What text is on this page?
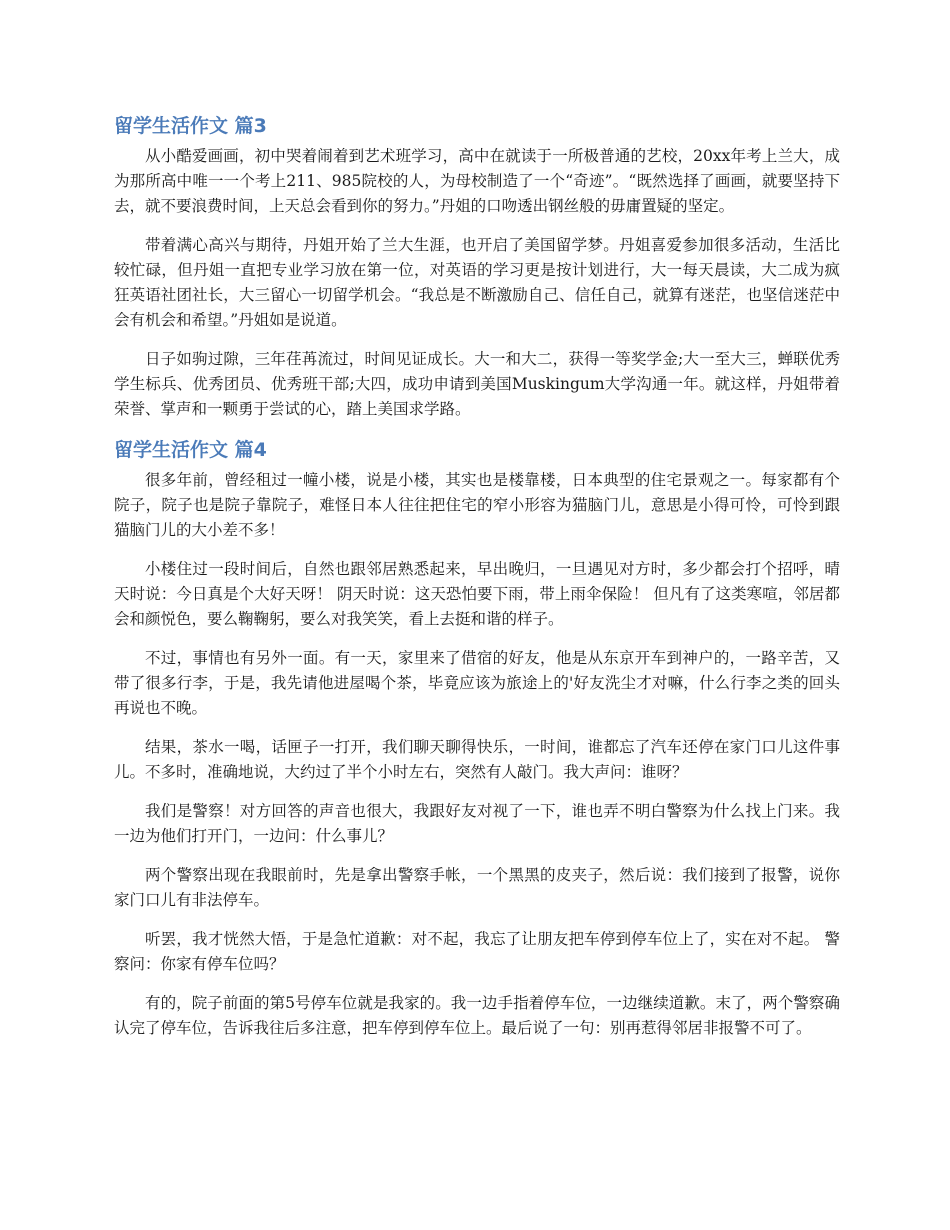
留学生活作文 篇3

从小酷爱画画，初中哭着闹着到艺术班学习，高中在就读于一所极普通的艺校，20xx年考上兰大，成为那所高中唯一一个考上211、985院校的人，为母校制造了一个“奇迹”。“既然选择了画画，就要坚持下去，就不要浪费时间，上天总会看到你的努力。”丹姐的口吻透出钢丝般的毋庸置疑的坚定。

带着满心高兴与期待，丹姐开始了兰大生涯，也开启了美国留学梦。丹姐喜爱参加很多活动，生活比较忙碌，但丹姐一直把专业学习放在第一位，对英语的学习更是按计划进行，大一每天晨读，大二成为疯狂英语社团社长，大三留心一切留学机会。“我总是不断激励自己、信任自己，就算有迷茫，也坚信迷茫中会有机会和希望。”丹姐如是说道。

日子如驹过隙，三年荏苒流过，时间见证成长。大一和大二，获得一等奖学金;大一至大三，蝉联优秀学生标兵、优秀团员、优秀班干部;大四，成功申请到美国Muskingum大学沟通一年。就这样，丹姐带着荣誉、掌声和一颗勇于尝试的心，踏上美国求学路。

留学生活作文 篇4

很多年前，曾经租过一幢小楼，说是小楼，其实也是楼靠楼，日本典型的住宅景观之一。每家都有个院子，院子也是院子靠院子，难怪日本人往往把住宅的窄小形容为猫脑门儿，意思是小得可怜，可怜到跟猫脑门儿的大小差不多！

小楼住过一段时间后，自然也跟邻居熟悉起来，早出晚归，一旦遇见对方时，多少都会打个招呼，晴天时说：今日真是个大好天呀！ 阴天时说：这天恐怕要下雨，带上雨伞保险！ 但凡有了这类寒喧，邻居都会和颜悦色，要么鞠鞠躬，要么对我笑笑，看上去挺和谐的样子。

不过，事情也有另外一面。有一天，家里来了借宿的好友，他是从东京开车到神户的，一路辛苦，又带了很多行李，于是，我先请他进屋喝个茶，毕竟应该为旅途上的'好友洗尘才对嘛，什么行李之类的回头再说也不晚。

结果，茶水一喝，话匣子一打开，我们聊天聊得快乐，一时间，谁都忘了汽车还停在家门口儿这件事儿。不多时，准确地说，大约过了半个小时左右，突然有人敲门。我大声问：谁呀？

我们是警察！对方回答的声音也很大，我跟好友对视了一下，谁也弄不明白警察为什么找上门来。我一边为他们打开门，一边问：什么事儿？

两个警察出现在我眼前时，先是拿出警察手帐，一个黑黑的皮夹子，然后说：我们接到了报警，说你家门口儿有非法停车。

听罢，我才恍然大悟，于是急忙道歉：对不起，我忘了让朋友把车停到停车位上了，实在对不起。 警察问：你家有停车位吗？

有的，院子前面的第5号停车位就是我家的。我一边手指着停车位，一边继续道歉。末了，两个警察确认完了停车位，告诉我往后多注意，把车停到停车位上。最后说了一句：别再惹得邻居非报警不可了。
